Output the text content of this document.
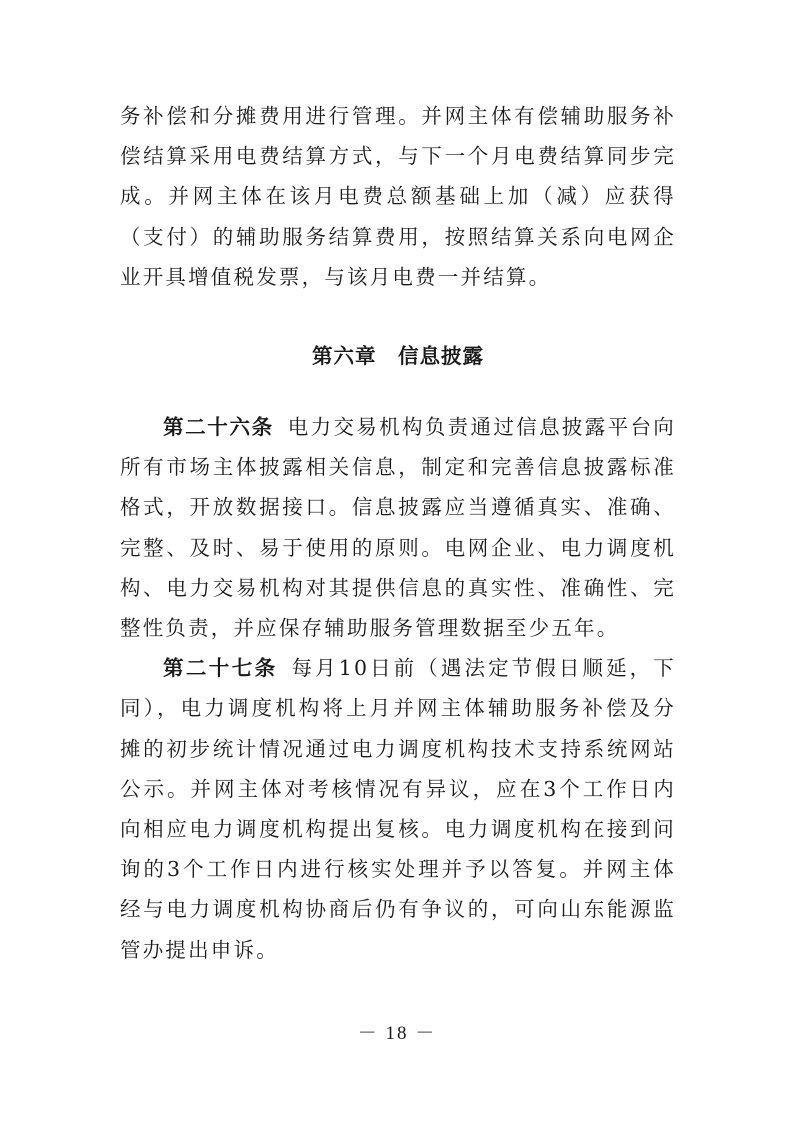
务补偿和分摊费用进行管理。并网主体有偿辅助服务补偿结算采用电费结算方式，与下一个月电费结算同步完成。并网主体在该月电费总额基础上加（减）应获得（支付）的辅助服务结算费用，按照结算关系向电网企业开具增值税发票，与该月电费一并结算。

第六章　信息披露

第二十六条 电力交易机构负责通过信息披露平台向所有市场主体披露相关信息，制定和完善信息披露标准格式，开放数据接口。信息披露应当遵循真实、准确、完整、及时、易于使用的原则。电网企业、电力调度机构、电力交易机构对其提供信息的真实性、准确性、完整性负责，并应保存辅助服务管理数据至少五年。

第二十七条 每月10日前（遇法定节假日顺延，下同），电力调度机构将上月并网主体辅助服务补偿及分摊的初步统计情况通过电力调度机构技术支持系统网站公示。并网主体对考核情况有异议，应在3个工作日内向相应电力调度机构提出复核。电力调度机构在接到问询的3个工作日内进行核实处理并予以答复。并网主体经与电力调度机构协商后仍有争议的，可向山东能源监管办提出申诉。

－ 18 －
